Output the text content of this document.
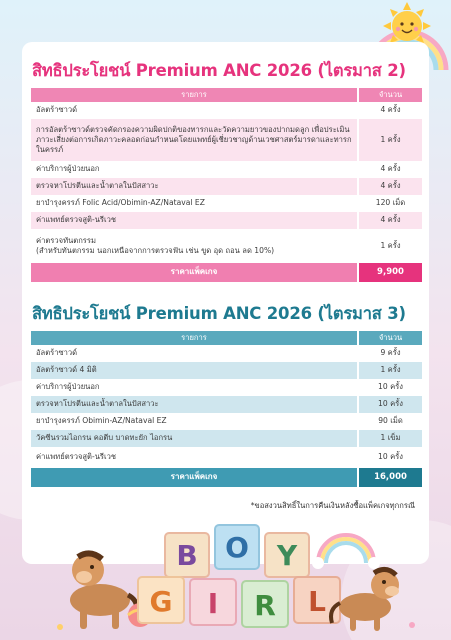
สิทธิประโยชน์ Premium ANC 2026 (ไตรมาส 2)
รายการ	จำนวน
อัลตร้าซาวด์	4 ครั้ง
การอัลตร้าซาวด์ตรวจคัดกรองความผิดปกติของทารกและวัดความยาวของปากมดลูก เพื่อประเมินภาวะเสี่ยงต่อการเกิดภาวะคลอดก่อนกำหนดโดยแพทย์ผู้เชี่ยวชาญด้านเวชศาสตร์มารดาและทารกในครรภ์	1 ครั้ง
ค่าบริการผู้ป่วยนอก	4 ครั้ง
ตรวจหาโปรตีนและน้ำตาลในปัสสาวะ	4 ครั้ง
ยาบำรุงครรภ์ Folic Acid/Obimin-AZ/Nataval EZ	120 เม็ด
ค่าแพทย์ตรวจสูติ-นรีเวช	4 ครั้ง

ค่าตรวจทันตกรรม
(สำหรับทันตกรรม นอกเหนือจากการตรวจฟัน เช่น ขูด อุด ถอน ลด 10%)	1 ครั้ง
ราคาแพ็คเกจ	9,900
สิทธิประโยชน์ Premium ANC 2026 (ไตรมาส 3)
รายการ	จำนวน
อัลตร้าซาวด์	9 ครั้ง
อัลตร้าซาวด์ 4 มิติ	1 ครั้ง
ค่าบริการผู้ป่วยนอก	10 ครั้ง
ตรวจหาโปรตีนและน้ำตาลในปัสสาวะ	10 ครั้ง
ยาบำรุงครรภ์ Obimin-AZ/Nataval EZ	90 เม็ด
วัคซีนรวมไอกรน คอตีบ บาดทะยัก ไอกรน	1 เข็ม
ค่าแพทย์ตรวจสูติ-นรีเวช	10 ครั้ง
ราคาแพ็คเกจ	16,000
*ขอสงวนสิทธิ์ในการคืนเงินหลังซื้อแพ็คเกจทุกกรณี
B O Y
G I R L
